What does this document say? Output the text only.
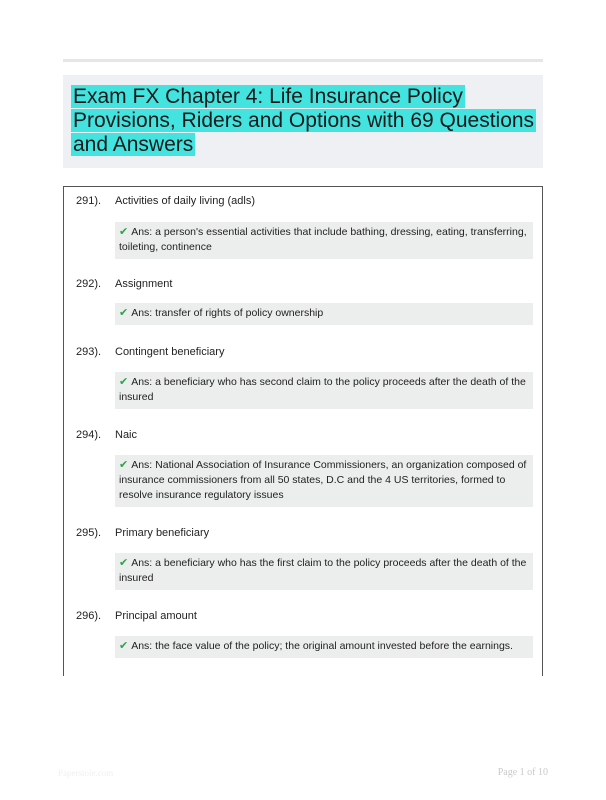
Exam FX Chapter 4: Life Insurance Policy Provisions, Riders and Options with 69 Questions and Answers
291). Activities of daily living (adls)
✔ Ans: a person's essential activities that include bathing, dressing, eating, transferring, toileting, continence
292). Assignment
✔ Ans: transfer of rights of policy ownership
293). Contingent beneficiary
✔ Ans: a beneficiary who has second claim to the policy proceeds after the death of the insured
294). Naic
✔ Ans: National Association of Insurance Commissioners, an organization composed of insurance commissioners from all 50 states, D.C and the 4 US territories, formed to resolve insurance regulatory issues
295). Primary beneficiary
✔ Ans: a beneficiary who has the first claim to the policy proceeds after the death of the insured
296). Principal amount
✔ Ans: the face value of the policy; the original amount invested before the earnings.
Paperstole.com	Page 1 of 10
